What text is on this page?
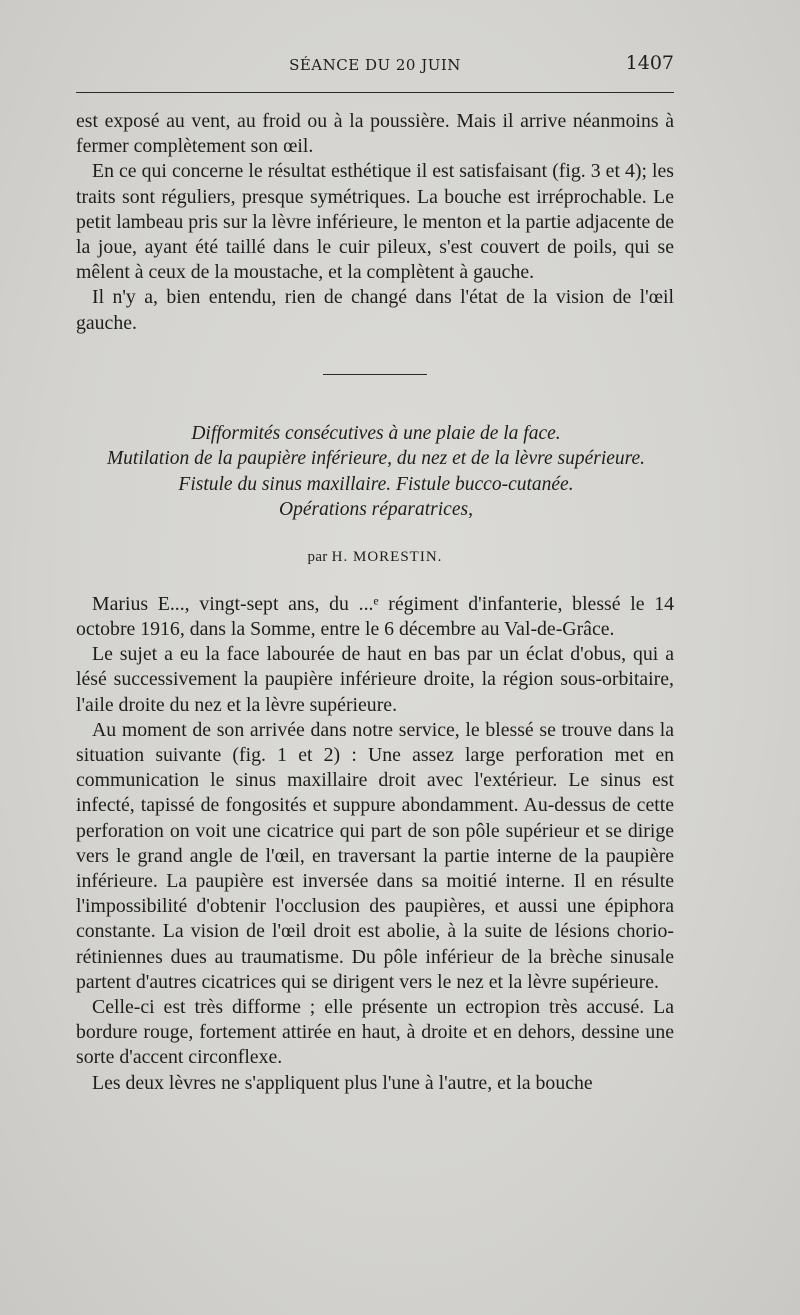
SÉANCE DU 20 JUIN	1407

est exposé au vent, au froid ou à la poussière. Mais il arrive néanmoins à fermer complètement son œil.

En ce qui concerne le résultat esthétique il est satisfaisant (fig. 3 et 4); les traits sont réguliers, presque symétriques. La bouche est irréprochable. Le petit lambeau pris sur la lèvre inférieure, le menton et la partie adjacente de la joue, ayant été taillé dans le cuir pileux, s'est couvert de poils, qui se mêlent à ceux de la moustache, et la complètent à gauche.

Il n'y a, bien entendu, rien de changé dans l'état de la vision de l'œil gauche.

Difformités consécutives à une plaie de la face.
Mutilation de la paupière inférieure, du nez et de la lèvre supérieure.
Fistule du sinus maxillaire. Fistule bucco-cutanée.
Opérations réparatrices,
par H. MORESTIN.

Marius E..., vingt-sept ans, du ...ᵉ régiment d'infanterie, blessé le 14 octobre 1916, dans la Somme, entre le 6 décembre au Val-de-Grâce.

Le sujet a eu la face labourée de haut en bas par un éclat d'obus, qui a lésé successivement la paupière inférieure droite, la région sous-orbitaire, l'aile droite du nez et la lèvre supérieure.

Au moment de son arrivée dans notre service, le blessé se trouve dans la situation suivante (fig. 1 et 2) : Une assez large perforation met en communication le sinus maxillaire droit avec l'extérieur. Le sinus est infecté, tapissé de fongosités et suppure abondamment. Au-dessus de cette perforation on voit une cicatrice qui part de son pôle supérieur et se dirige vers le grand angle de l'œil, en traversant la partie interne de la paupière inférieure. La paupière est inversée dans sa moitié interne. Il en résulte l'impossibilité d'obtenir l'occlusion des paupières, et aussi une épiphora constante. La vision de l'œil droit est abolie, à la suite de lésions chorio-rétiniennes dues au traumatisme. Du pôle inférieur de la brèche sinusale partent d'autres cicatrices qui se dirigent vers le nez et la lèvre supérieure.

Celle-ci est très difforme ; elle présente un ectropion très accusé. La bordure rouge, fortement attirée en haut, à droite et en dehors, dessine une sorte d'accent circonflexe.

Les deux lèvres ne s'appliquent plus l'une à l'autre, et la bouche
